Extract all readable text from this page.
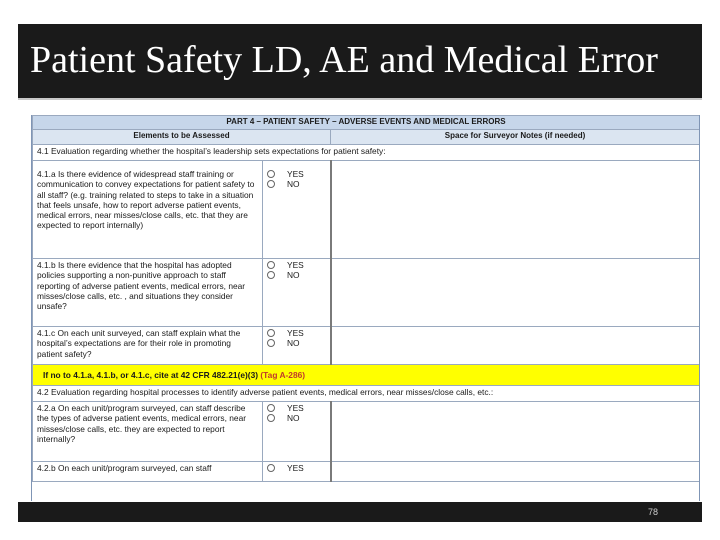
Patient Safety LD, AE and Medical Error
PART 4 – PATIENT SAFETY – ADVERSE EVENTS AND MEDICAL ERRORS		
Elements to be Assessed		Space for Surveyor Notes (if needed)
4.1 Evaluation regarding whether the hospital’s leadership sets expectations for patient safety:		
4.1.a Is there evidence of widespread staff training or communication to convey expectations for patient safety to all staff? (e.g. training related to steps to take in a situation that feels unsafe, how to report adverse patient events, medical errors, near misses/close calls, etc. that they are expected to report internally)	YES
NO	

4.1.b Is there evidence that the hospital has adopted policies supporting a non-punitive approach to staff reporting of adverse patient events, medical errors, near misses/close calls, etc. , and situations they consider unsafe?	YES
NO	

4.1.c On each unit surveyed, can staff explain what the hospital’s expectations are for their role in promoting patient safety?	YES
NO	

If no to 4.1.a, 4.1.b, or 4.1.c, cite at 42 CFR 482.21(e)(3) (Tag A-286)		
4.2 Evaluation regarding hospital processes to identify adverse patient events, medical errors, near misses/close calls, etc.:		
4.2.a On each unit/program surveyed, can staff describe the types of adverse patient events, medical errors, near misses/close calls, etc. they are expected to report internally?	YES
NO	

4.2.b On each unit/program surveyed, can staff	YES	

78
